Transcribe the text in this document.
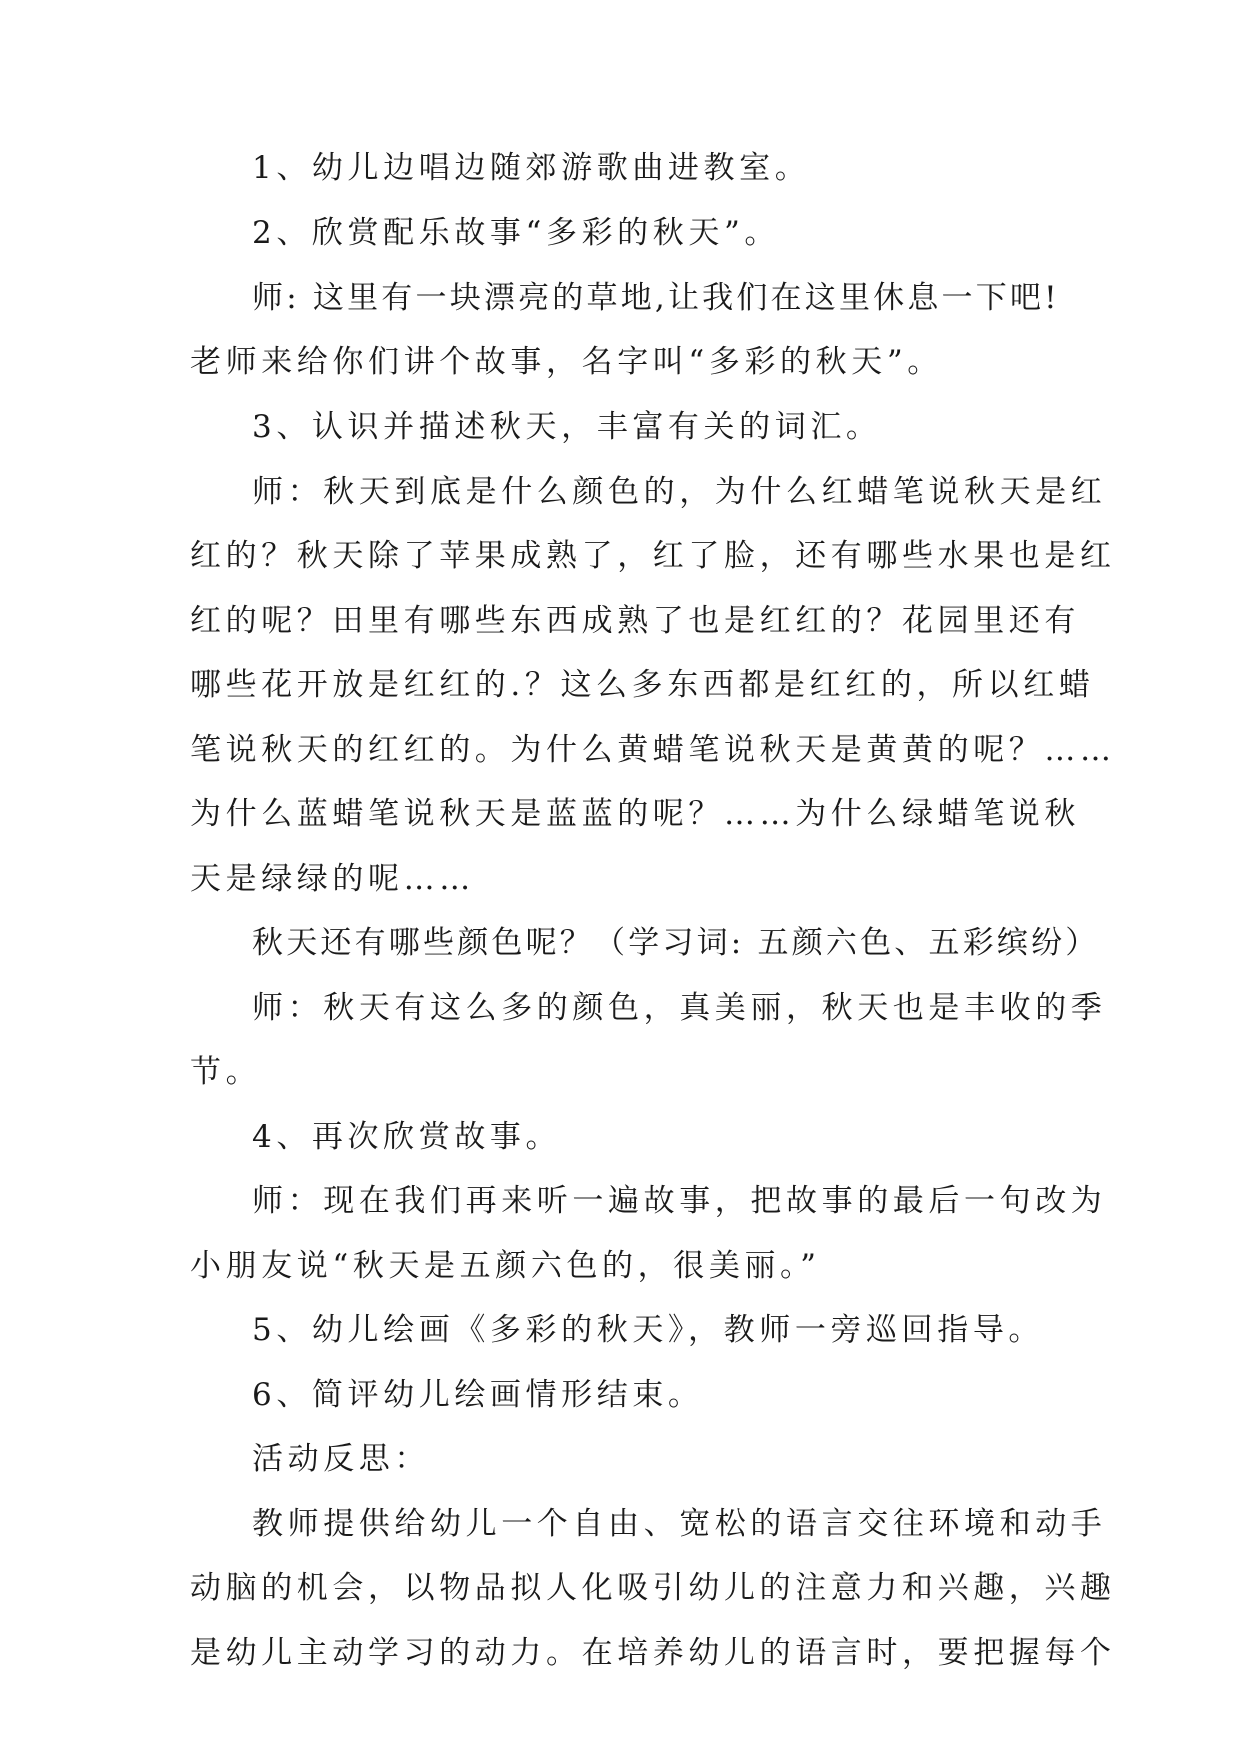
1、幼儿边唱边随郊游歌曲进教室。
2、欣赏配乐故事“多彩的秋天”。
师: 这里有一块漂亮的草地,让我们在这里休息一下吧!
老师来给你们讲个故事，名字叫“多彩的秋天”。
3、认识并描述秋天，丰富有关的词汇。
师：秋天到底是什么颜色的，为什么红蜡笔说秋天是红
红的？秋天除了苹果成熟了，红了脸，还有哪些水果也是红
红的呢？田里有哪些东西成熟了也是红红的？花园里还有
哪些花开放是红红的.？这么多东西都是红红的，所以红蜡
笔说秋天的红红的。为什么黄蜡笔说秋天是黄黄的呢？……
为什么蓝蜡笔说秋天是蓝蓝的呢？……为什么绿蜡笔说秋
天是绿绿的呢……
秋天还有哪些颜色呢？（学习词: 五颜六色、五彩缤纷）
师：秋天有这么多的颜色，真美丽，秋天也是丰收的季
节。
4、再次欣赏故事。
师：现在我们再来听一遍故事，把故事的最后一句改为
小朋友说“秋天是五颜六色的，很美丽。”
5、幼儿绘画《多彩的秋天》，教师一旁巡回指导。
6、简评幼儿绘画情形结束。
活动反思：
教师提供给幼儿一个自由、宽松的语言交往环境和动手
动脑的机会，以物品拟人化吸引幼儿的注意力和兴趣，兴趣
是幼儿主动学习的动力。在培养幼儿的语言时，要把握每个
